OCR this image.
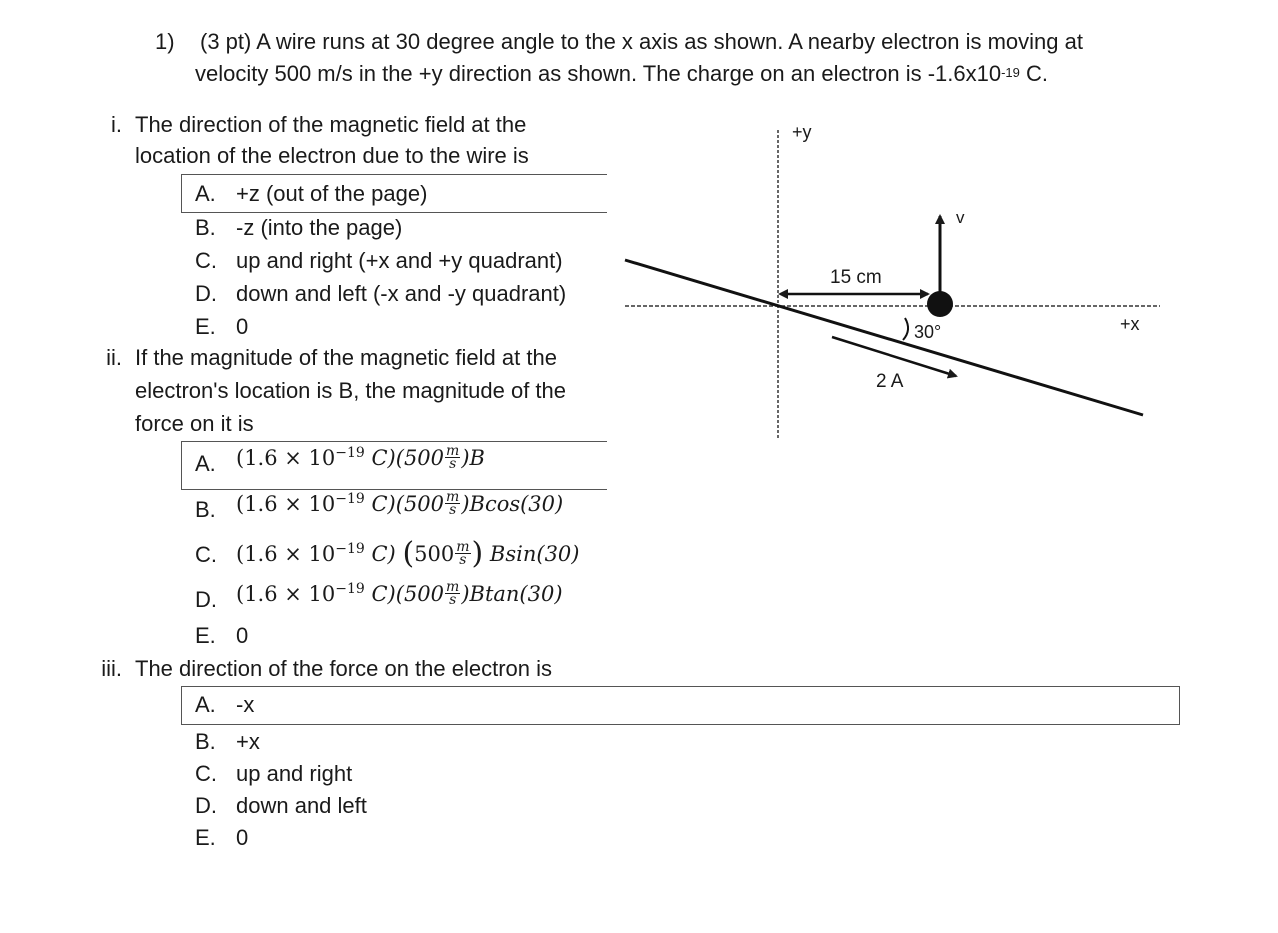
1) (3 pt) A wire runs at 30 degree angle to the x axis as shown. A nearby electron is moving at
velocity 500 m/s in the +y direction as shown. The charge on an electron is $-1.6x10^{-19}$ C.
i. The direction of the magnetic field at the
location of the electron due to the wire is
A. +z (out of the page)
B. -z (into the page)
C. up and right (+x and +y quadrant)
D. down and left (-x and -y quadrant)
E. 0
ii. If the magnitude of the magnetic field at the
electron's location is B, the magnitude of the
force on it is
A. ($1.6 \times 10^{-19}$ $C)(500 \frac{m}{s} )B$
B. ($1.6 \times 10^{-19}$ $C)(500 \frac{m}{s} )Bcos(30)$
C. ($1.6 \times 10^{-19}$ C) ($500 \frac{m}{s}$ ) Bsin(30)
D. ($1.6 \times 10^{-19}$ $C)(500 \frac{m}{s} )Btan(30)$
E. 0
iii. The direction of the force on the electron is
A. -x
B. +x
C. up and right
D. down and left
E. 0
+y
+x
15 cm
30°
2 A
v
